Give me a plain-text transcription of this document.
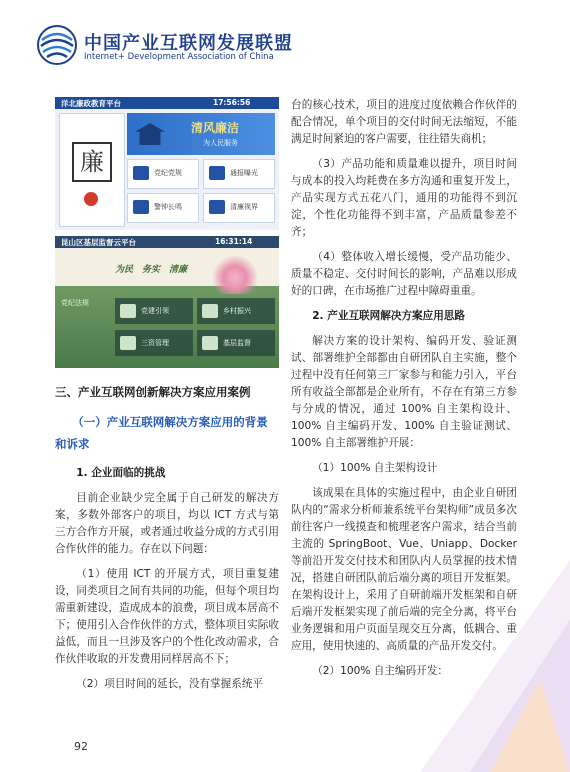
中国产业互联网发展联盟
Internet+ Development Association of China
洋北廉政教育平台	17:56:56
廉
清风廉洁
为人民服务
党纪党规	通报曝光
警钟长鸣	清廉视界
昆山区基层监督云平台	16:31:14
为民　务实　清廉
党纪法规
党建引领	乡村振兴
三资管理	基层监督
三、产业互联网创新解决方案应用案例
（一）产业互联网解决方案应用的背景和诉求

1. 企业面临的挑战

目前企业缺少完全属于自己研发的解决方案，多数外部客户的项目，均以 ICT 方式与第三方合作方开展，或者通过收益分成的方式引用合作伙伴的能力。存在以下问题：

（1）使用 ICT 的开展方式，项目重复建设，同类项目之间有共同的功能，但每个项目均需重新建设，造成成本的浪费，项目成本居高不下；使用引入合作伙伴的方式，整体项目实际收益低，而且一旦涉及客户的个性化改动需求，合作伙伴收取的开发费用同样居高不下；

（2）项目时间的延长，没有掌握系统平

台的核心技术，项目的进度过度依赖合作伙伴的配合情况，单个项目的交付时间无法缩短，不能满足时间紧迫的客户需要，往往错失商机；

（3）产品功能和质量难以提升，项目时间与成本的投入均耗费在多方沟通和重复开发上，产品实现方式五花八门，通用的功能得不到沉淀，个性化功能得不到丰富，产品质量参差不齐；

（4）整体收入增长缓慢，受产品功能少、质量不稳定、交付时间长的影响，产品难以形成好的口碑，在市场推广过程中障碍重重。

2. 产业互联网解决方案应用思路

解决方案的设计架构、编码开发、验证测试、部署维护全部都由自研团队自主实施，整个过程中没有任何第三厂家参与和能力引入，平台所有收益全部都是企业所有，不存在有第三方参与分成的情况，通过 100% 自主架构设计、100% 自主编码开发、100% 自主验证测试、100% 自主部署维护开展：

（1）100% 自主架构设计

该成果在具体的实施过程中，由企业自研团队内的“需求分析师兼系统平台架构师”成员多次前往客户一线摸查和梳理老客户需求，结合当前主流的 SpringBoot、Vue、Uniapp、Docker 等前沿开发交付技术和团队内人员掌握的技术情况，搭建自研团队前后端分离的项目开发框架。在架构设计上，采用了自研前端开发框架和自研后端开发框架实现了前后端的完全分离，将平台业务逻辑和用户页面呈现交互分离，低耦合、重应用，使用快速的、高质量的产品开发交付。

（2）100% 自主编码开发：

92
